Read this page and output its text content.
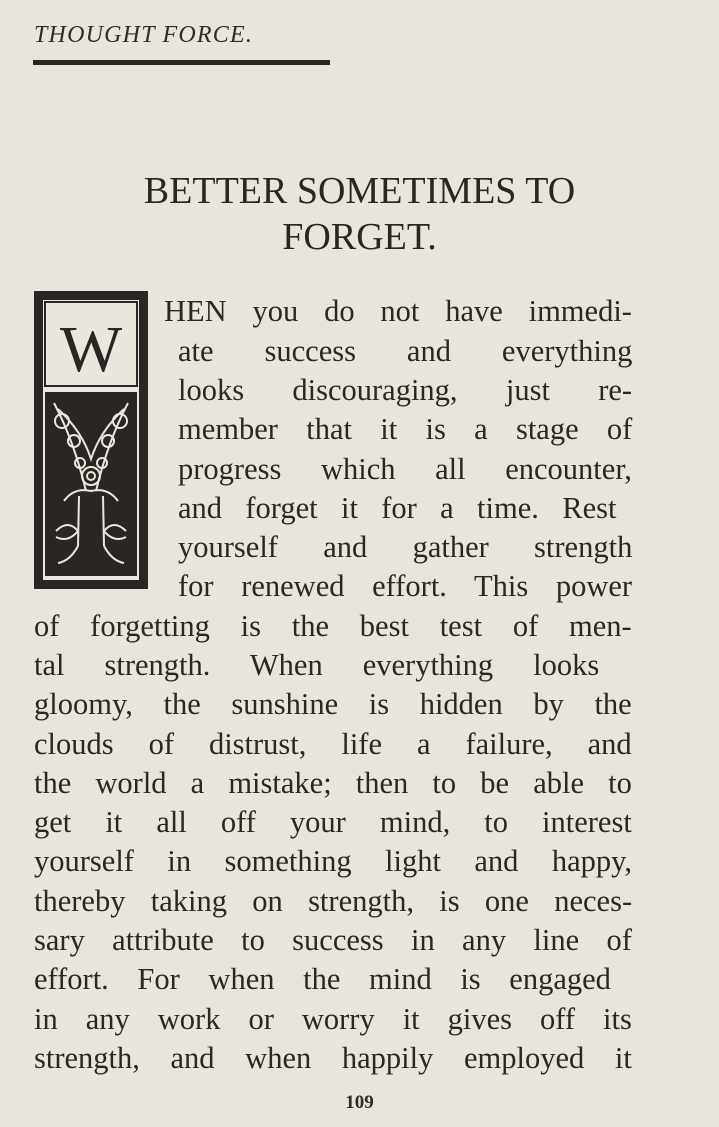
THOUGHT FORCE.
BETTER SOMETIMES TO
FORGET.
W
HEN you do not have immedi-
ate success and everything
looks discouraging, just re-
member that it is a stage of
progress which all encounter,
and forget it for a time. Rest
yourself and gather strength
for renewed effort. This power
of forgetting is the best test of men-
tal strength. When everything looks
gloomy, the sunshine is hidden by the
clouds of distrust, life a failure, and
the world a mistake; then to be able to
get it all off your mind, to interest
yourself in something light and happy,
thereby taking on strength, is one neces-
sary attribute to success in any line of
effort. For when the mind is engaged
in any work or worry it gives off its
strength, and when happily employed it
109
